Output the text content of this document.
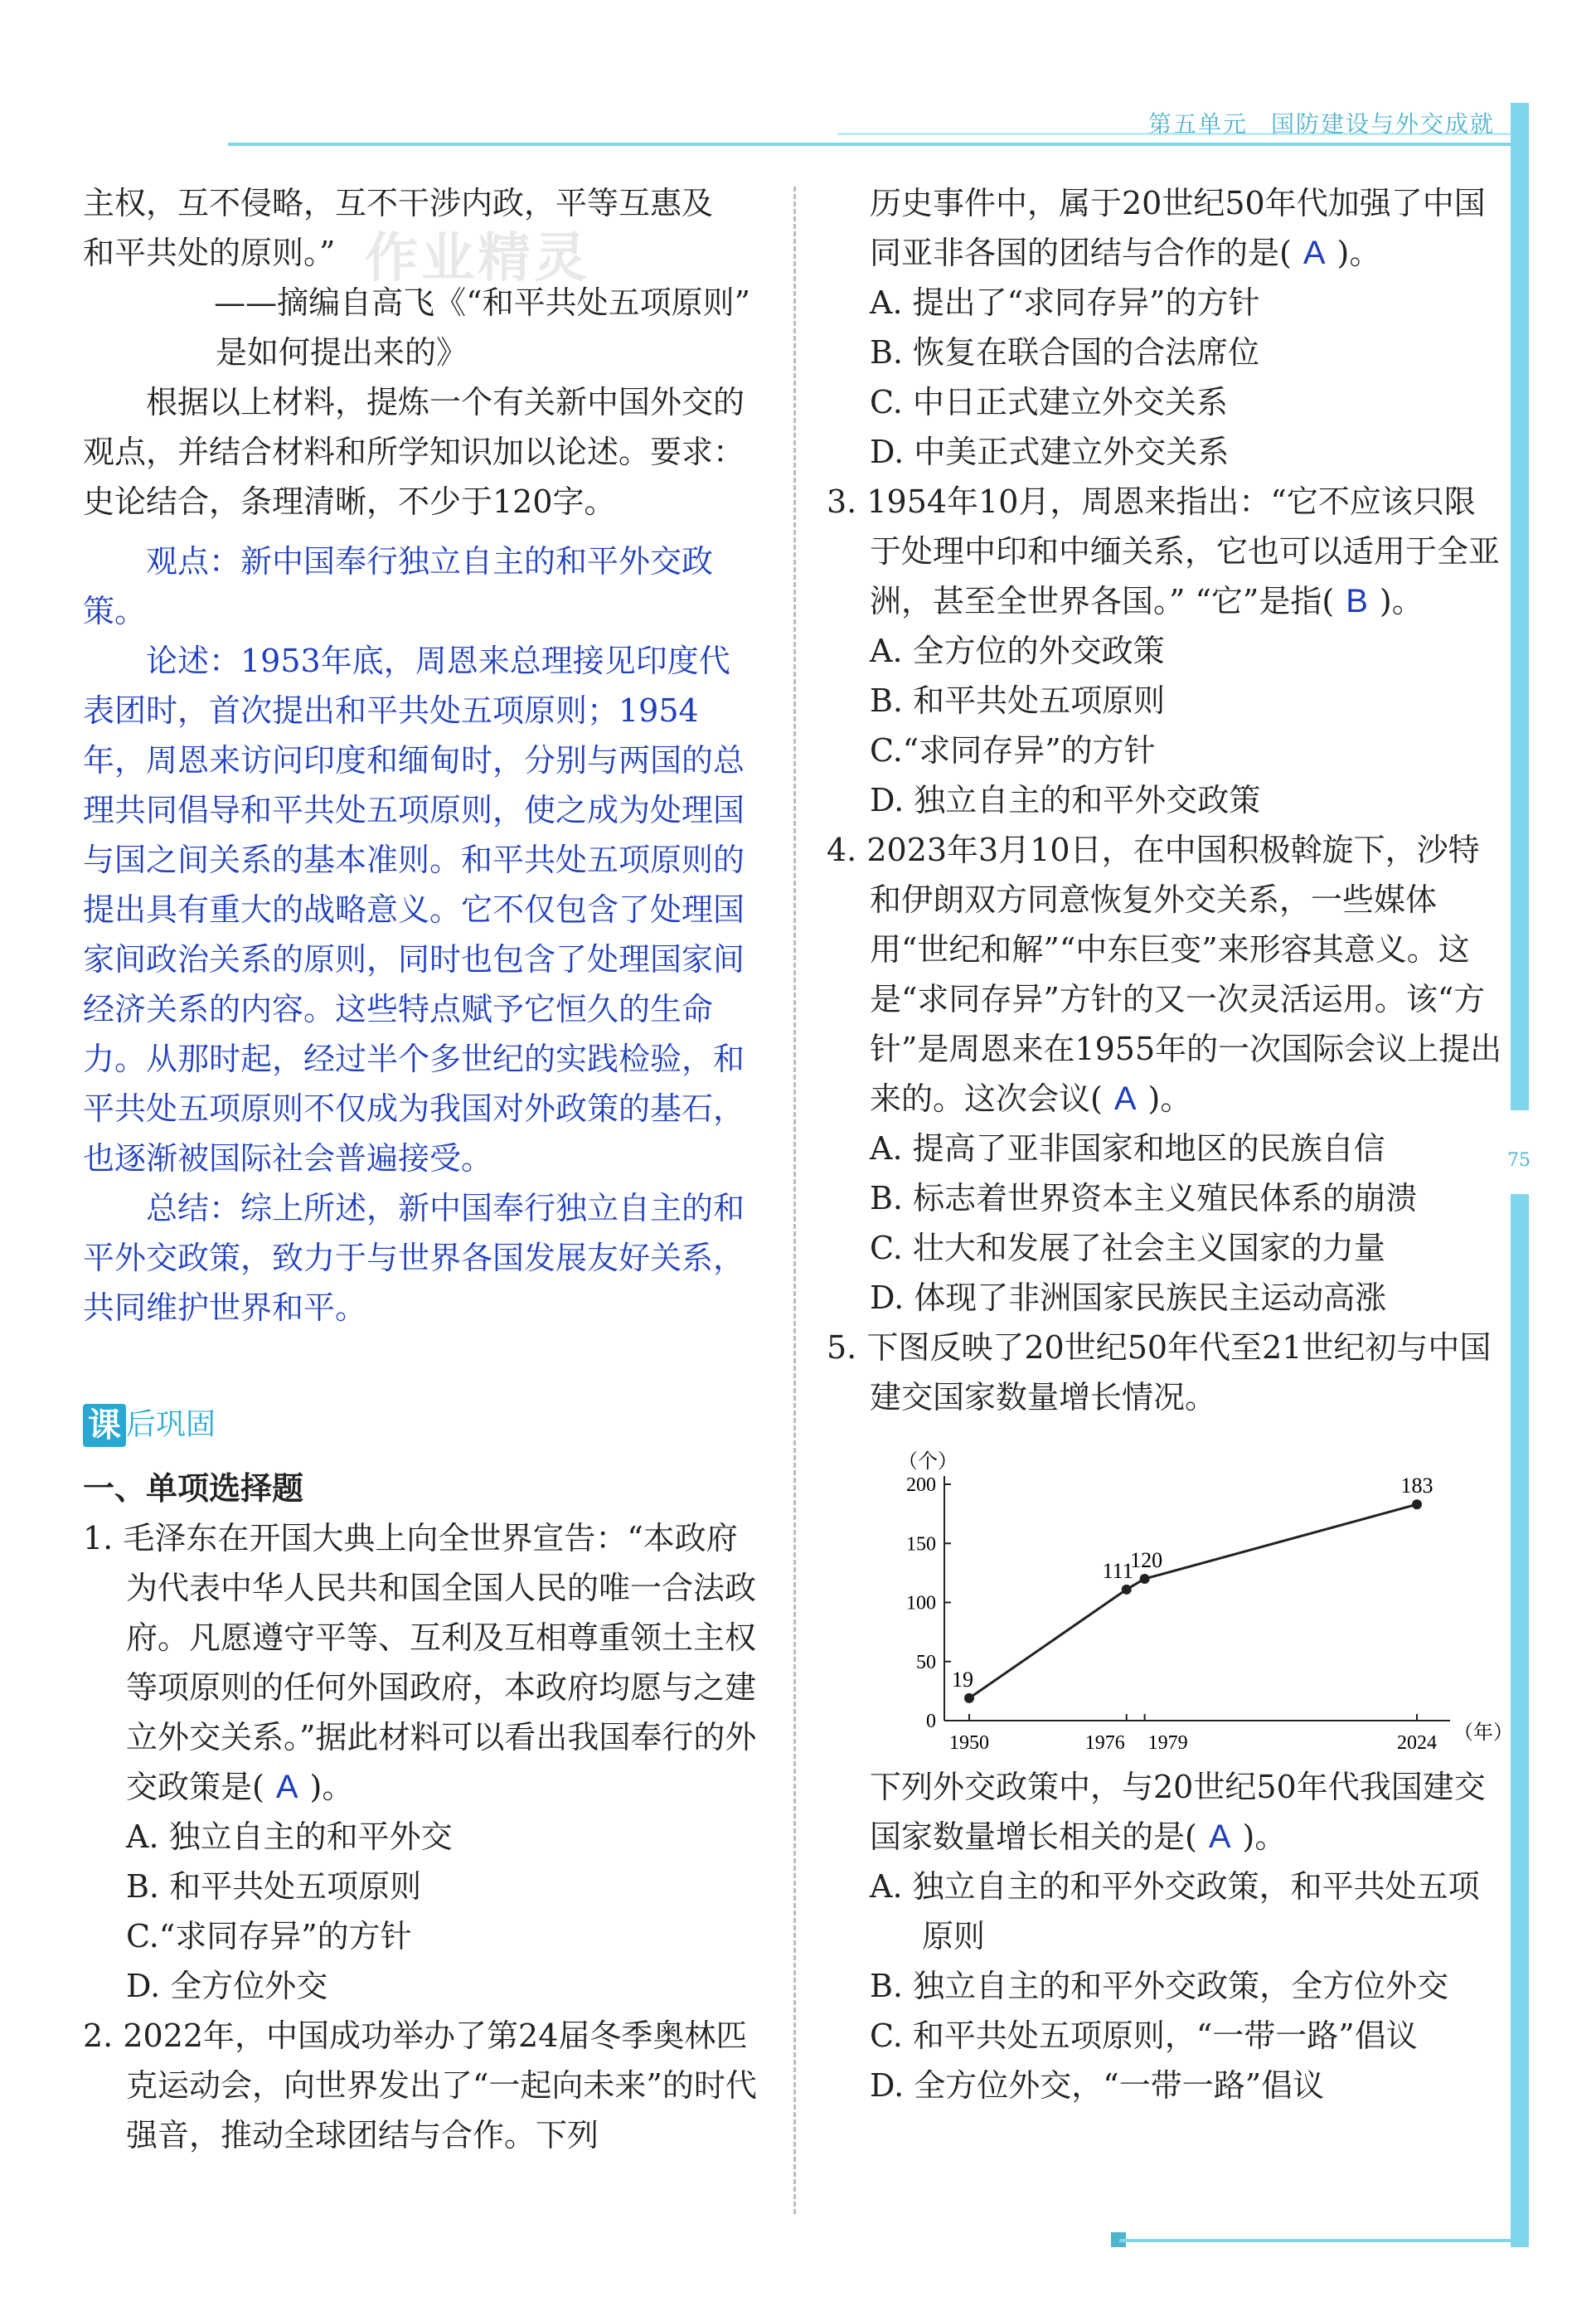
第五单元 国防建设与外交成就
75
作业精灵

主权，互不侵略，互不干涉内政，平等互惠及

和平共处的原则。”

——摘编自高飞《“和平共处五项原则”

是如何提出来的》

根据以上材料，提炼一个有关新中国外交的观点，并结合材料和所学知识加以论述。要求：史论结合，条理清晰，不少于120字。

观点：新中国奉行独立自主的和平外交政策。

论述：1953年底，周恩来总理接见印度代表团时，首次提出和平共处五项原则；1954年，周恩来访问印度和缅甸时，分别与两国的总理共同倡导和平共处五项原则，使之成为处理国与国之间关系的基本准则。和平共处五项原则的提出具有重大的战略意义。它不仅包含了处理国家间政治关系的原则，同时也包含了处理国家间经济关系的内容。这些特点赋予它恒久的生命力。从那时起，经过半个多世纪的实践检验，和平共处五项原则不仅成为我国对外政策的基石，也逐渐被国际社会普遍接受。

总结：综上所述，新中国奉行独立自主的和平外交政策，致力于与世界各国发展友好关系，共同维护世界和平。

课 后巩固

一、单项选择题

1. 毛泽东在开国大典上向全世界宣告：“本政府为代表中华人民共和国全国人民的唯一合法政府。凡愿遵守平等、互利及互相尊重领土主权等项原则的任何外国政府，本政府均愿与之建立外交关系。”据此材料可以看出我国奉行的外交政策是( A )。

A. 独立自主的和平外交

B. 和平共处五项原则

C.“求同存异”的方针

D. 全方位外交

2. 2022年，中国成功举办了第24届冬季奥林匹克运动会，向世界发出了“一起向未来”的时代强音，推动全球团结与合作。下列

历史事件中，属于20世纪50年代加强了中国同亚非各国的团结与合作的是( A )。

A. 提出了“求同存异”的方针

B. 恢复在联合国的合法席位

C. 中日正式建立外交关系

D. 中美正式建立外交关系

3. 1954年10月，周恩来指出：“它不应该只限于处理中印和中缅关系，它也可以适用于全亚洲，甚至全世界各国。” “它”是指( B )。

A. 全方位的外交政策

B. 和平共处五项原则

C.“求同存异”的方针

D. 独立自主的和平外交政策

4. 2023年3月10日，在中国积极斡旋下，沙特和伊朗双方同意恢复外交关系，一些媒体用“世纪和解”“中东巨变”来形容其意义。这是“求同存异”方针的又一次灵活运用。该“方针”是周恩来在1955年的一次国际会议上提出来的。这次会议( A )。

A. 提高了亚非国家和地区的民族自信

B. 标志着世界资本主义殖民体系的崩溃

C. 壮大和发展了社会主义国家的力量

D. 体现了非洲国家民族民主运动高涨

5. 下图反映了20世纪50年代至21世纪初与中国建交国家数量增长情况。

（个）
（年）
0
50
100
150
200
1950	1976 1979	2024
19
111
120
183

下列外交政策中，与20世纪50年代我国建交国家数量增长相关的是( A )。

A. 独立自主的和平外交政策，和平共处五项原则

B. 独立自主的和平外交政策，全方位外交

C. 和平共处五项原则，“一带一路”倡议

D. 全方位外交，“一带一路”倡议
